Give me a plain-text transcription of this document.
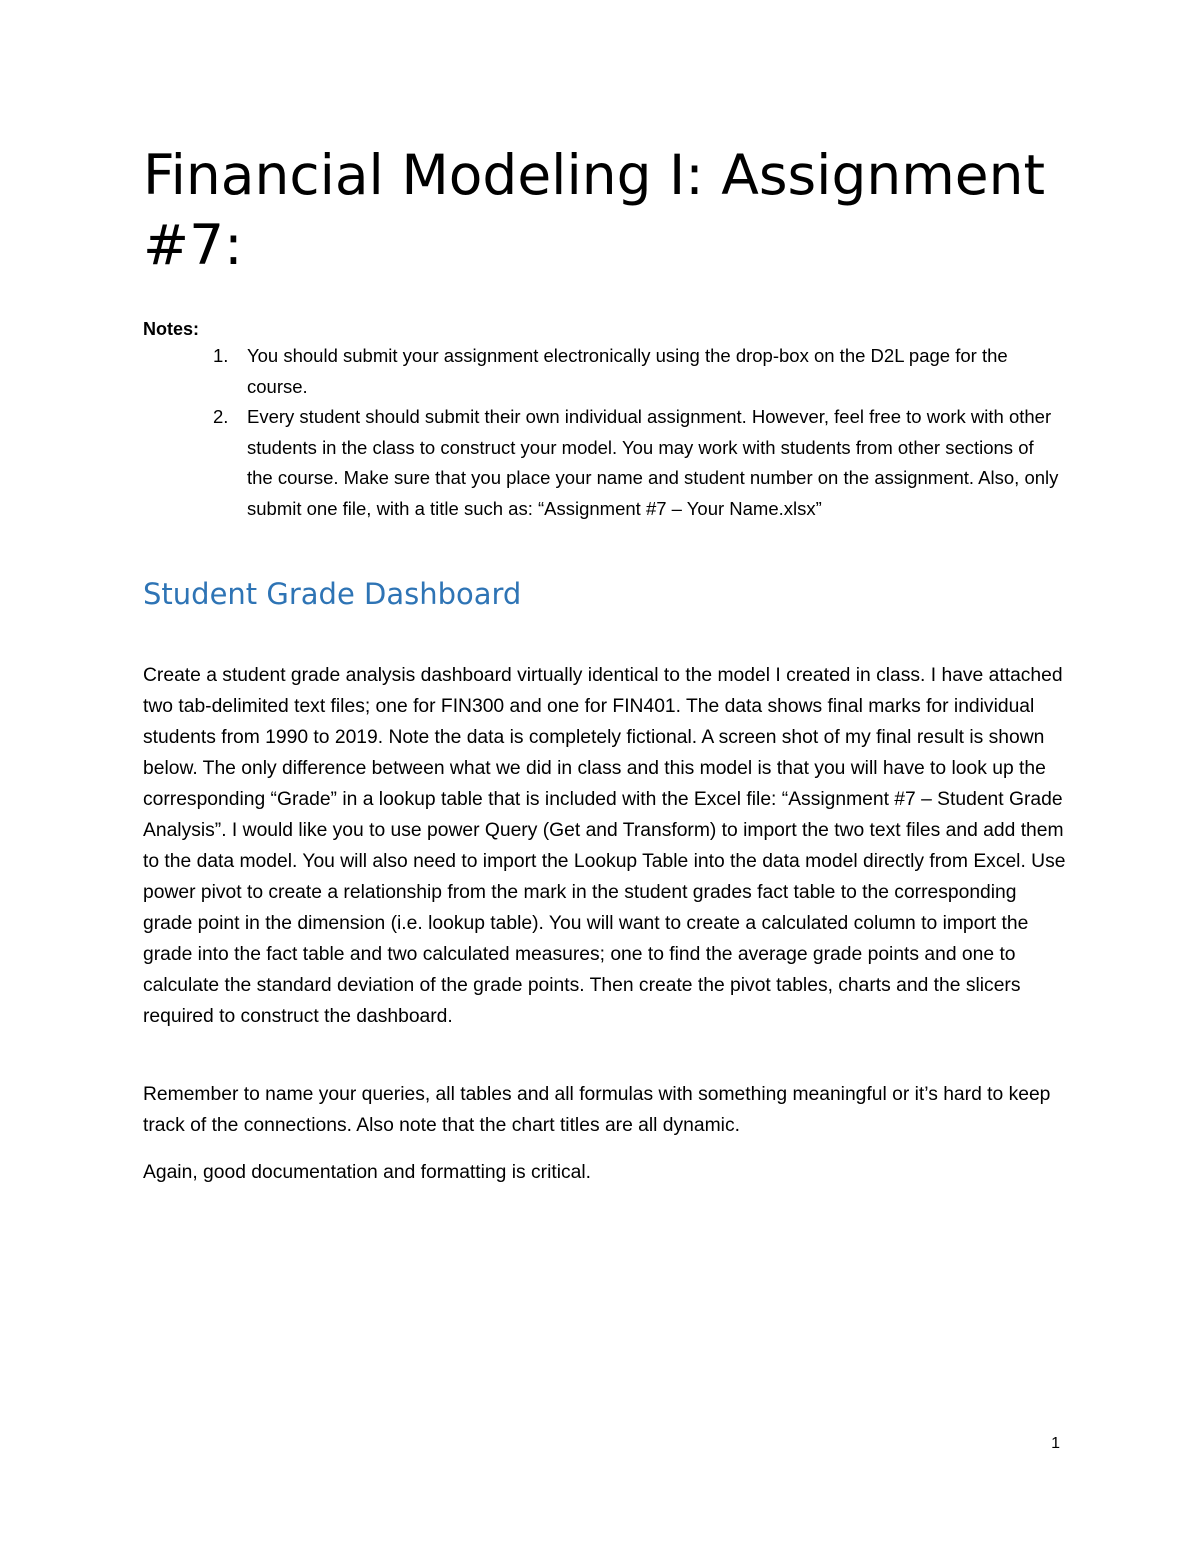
Financial Modeling I: Assignment #7:

Notes:

1. You should submit your assignment electronically using the drop-box on the D2L page for the course.
2. Every student should submit their own individual assignment. However, feel free to work with other students in the class to construct your model. You may work with students from other sections of the course. Make sure that you place your name and student number on the assignment. Also, only submit one file, with a title such as: “Assignment #7 – Your Name.xlsx”
Student Grade Dashboard

Create a student grade analysis dashboard virtually identical to the model I created in class. I have attached two tab-delimited text files; one for FIN300 and one for FIN401. The data shows final marks for individual students from 1990 to 2019. Note the data is completely fictional. A screen shot of my final result is shown below. The only difference between what we did in class and this model is that you will have to look up the corresponding “Grade” in a lookup table that is included with the Excel file: “Assignment #7 – Student Grade Analysis”. I would like you to use power Query (Get and Transform) to import the two text files and add them to the data model. You will also need to import the Lookup Table into the data model directly from Excel. Use power pivot to create a relationship from the mark in the student grades fact table to the corresponding grade point in the dimension (i.e. lookup table). You will want to create a calculated column to import the grade into the fact table and two calculated measures; one to find the average grade points and one to calculate the standard deviation of the grade points. Then create the pivot tables, charts and the slicers required to construct the dashboard.

Remember to name your queries, all tables and all formulas with something meaningful or it’s hard to keep track of the connections. Also note that the chart titles are all dynamic.

Again, good documentation and formatting is critical.

1
